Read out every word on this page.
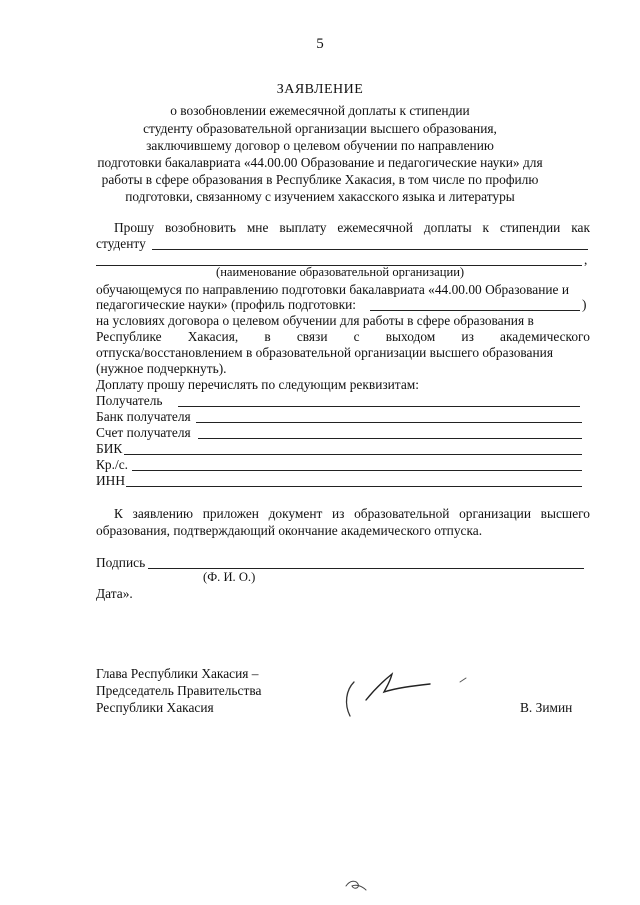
5
ЗАЯВЛЕНИЕ
о возобновлении ежемесячной доплаты к стипендии
студенту образовательной организации высшего образования,
заключившему договор о целевом обучении по направлению
подготовки бакалавриата «44.00.00 Образование и педагогические науки» для
работы в сфере образования в Республике Хакасия, в том числе по профилю
подготовки, связанному с изучением хакасского языка и литературы
Прошу возобновить мне выплату ежемесячной доплаты к стипендии как
студенту
,
(наименование образовательной организации)
обучающемуся по направлению подготовки бакалавриата «44.00.00 Образование и
педагогические науки» (профиль подготовки:	)
на условиях договора о целевом обучении для работы в сфере образования в
Республике Хакасия, в связи с выходом из академического
отпуска/восстановлением в образовательной организации высшего образования
(нужное подчеркнуть).
Доплату прошу перечислять по следующим реквизитам:
Получатель
Банк получателя
Счет получателя
БИК
Кр./с.
ИНН
К заявлению приложен документ из образовательной организации высшего
образования, подтверждающий окончание академического отпуска.
Подпись
(Ф. И. О.)
Дата».
Глава Республики Хакасия –
Председатель Правительства
Республики Хакасия	В. Зимин
